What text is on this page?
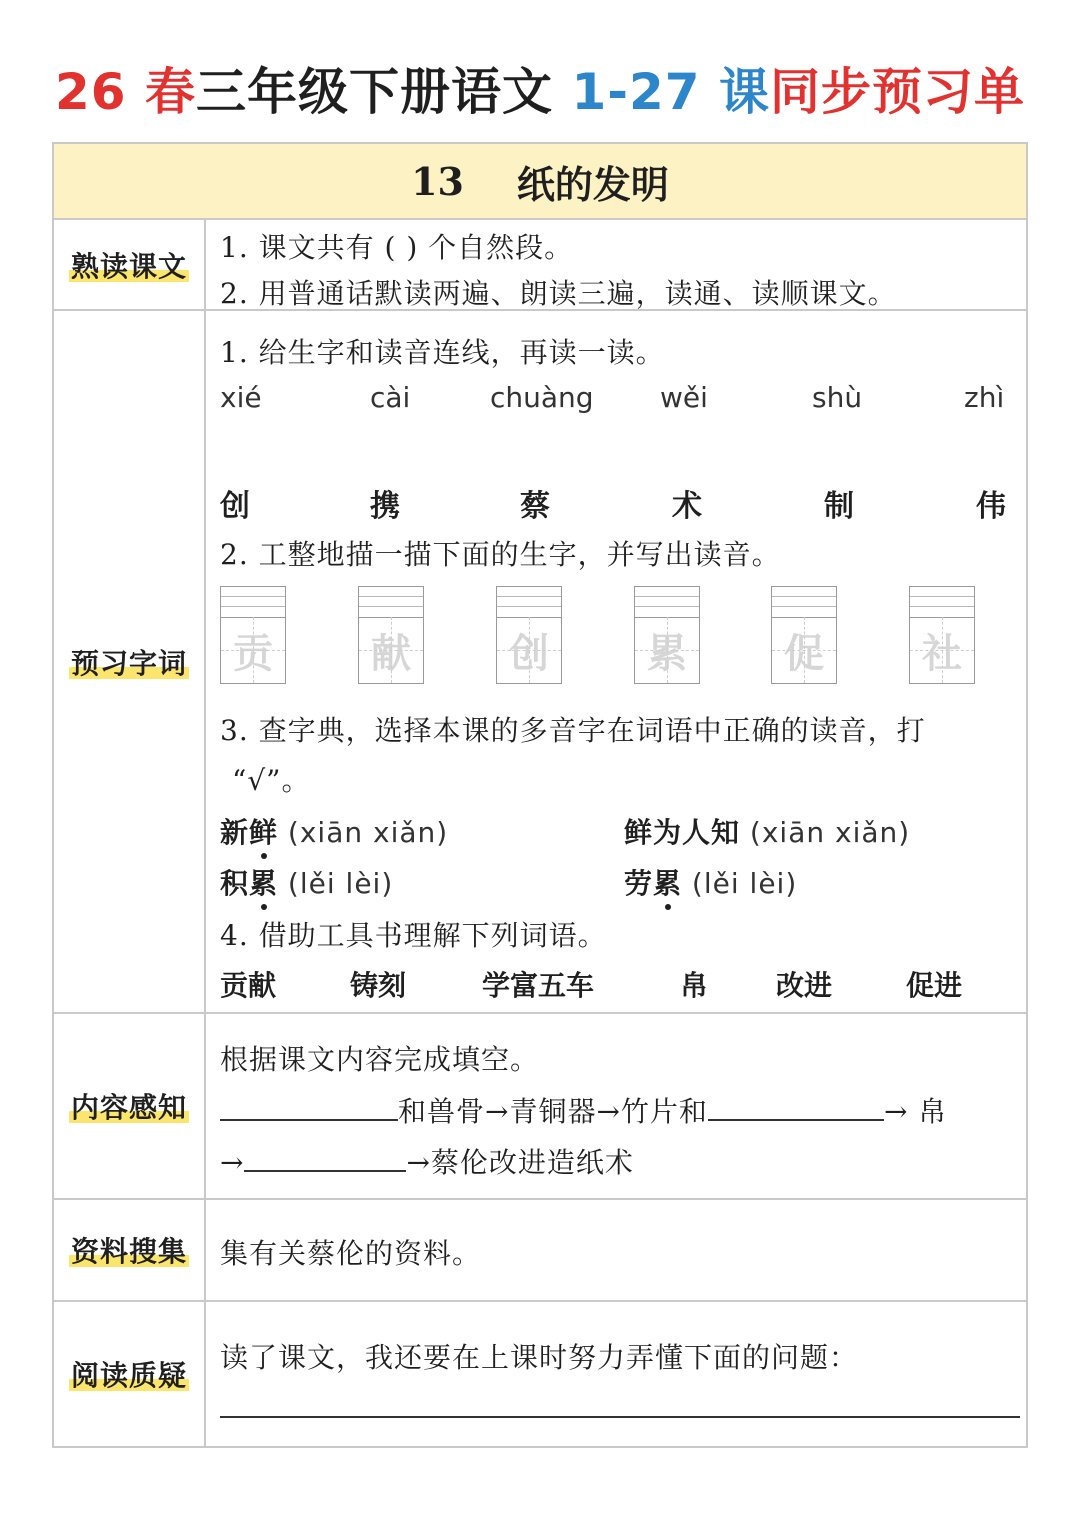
26 春 三年级下册语文 1-27 课 同步预习单
13
纸的发明
熟读课文
1. 课文共有 ( ) 个自然段。
2. 用普通话默读两遍、朗读三遍，读通、读顺课文。
预习字词
1. 给生字和读音连线，再读一读。
xié	cài	chuàng wěi	shù	zhì
创	携	蔡	术	制	伟
2. 工整地描一描下面的生字，并写出读音。
贡	献	创	累	促	社
3. 查字典，选择本课的多音字在词语中正确的读音，打
“√”。
新鲜 (xiān xiǎn)	鲜为人知 (xiān xiǎn)
积累 (lěi lèi)	劳累 (lěi lèi)
4. 借助工具书理解下列词语。
贡献	铸刻	学富五车	帛 改进	促进
内容感知
根据课文内容完成填空。
和兽骨→青铜器→竹片和	→ 帛
→	→蔡伦改进造纸术
资料搜集 集有关蔡伦的资料。
阅读质疑
读了课文，我还要在上课时努力弄懂下面的问题：
